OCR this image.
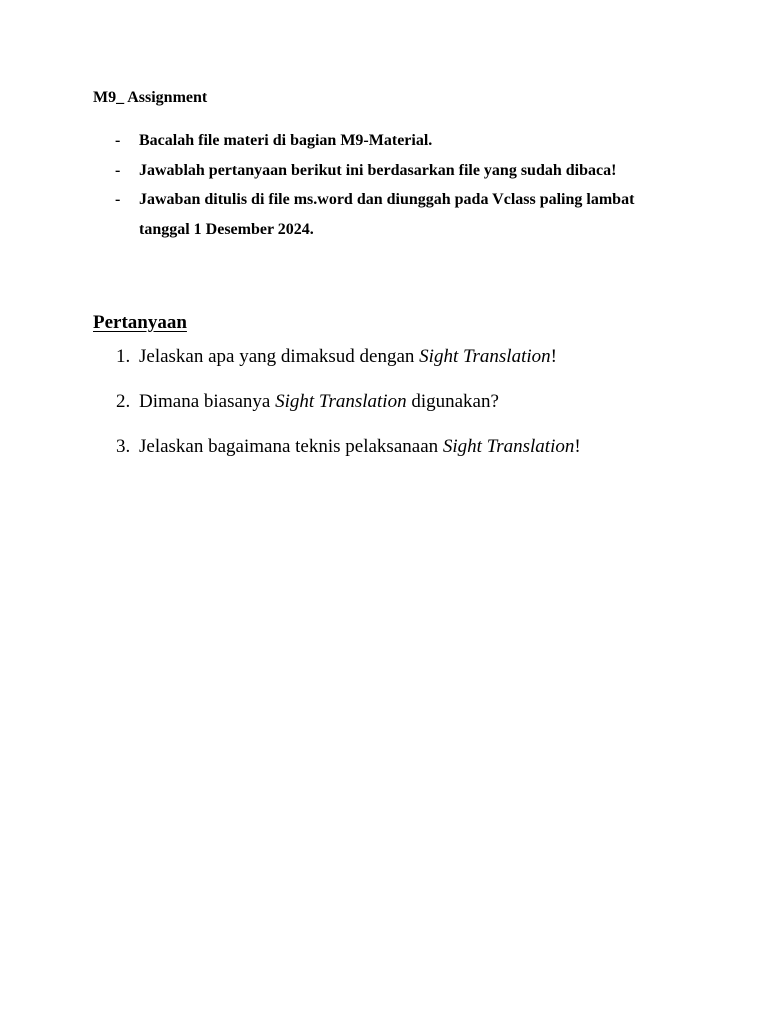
M9_ Assignment
- Bacalah file materi di bagian M9-Material.
- Jawablah pertanyaan berikut ini berdasarkan file yang sudah dibaca!
- Jawaban ditulis di file ms.word dan diunggah pada Vclass paling lambat tanggal 1 Desember 2024.
Pertanyaan
1. Jelaskan apa yang dimaksud dengan Sight Translation!
2. Dimana biasanya Sight Translation digunakan?
3. Jelaskan bagaimana teknis pelaksanaan Sight Translation!
